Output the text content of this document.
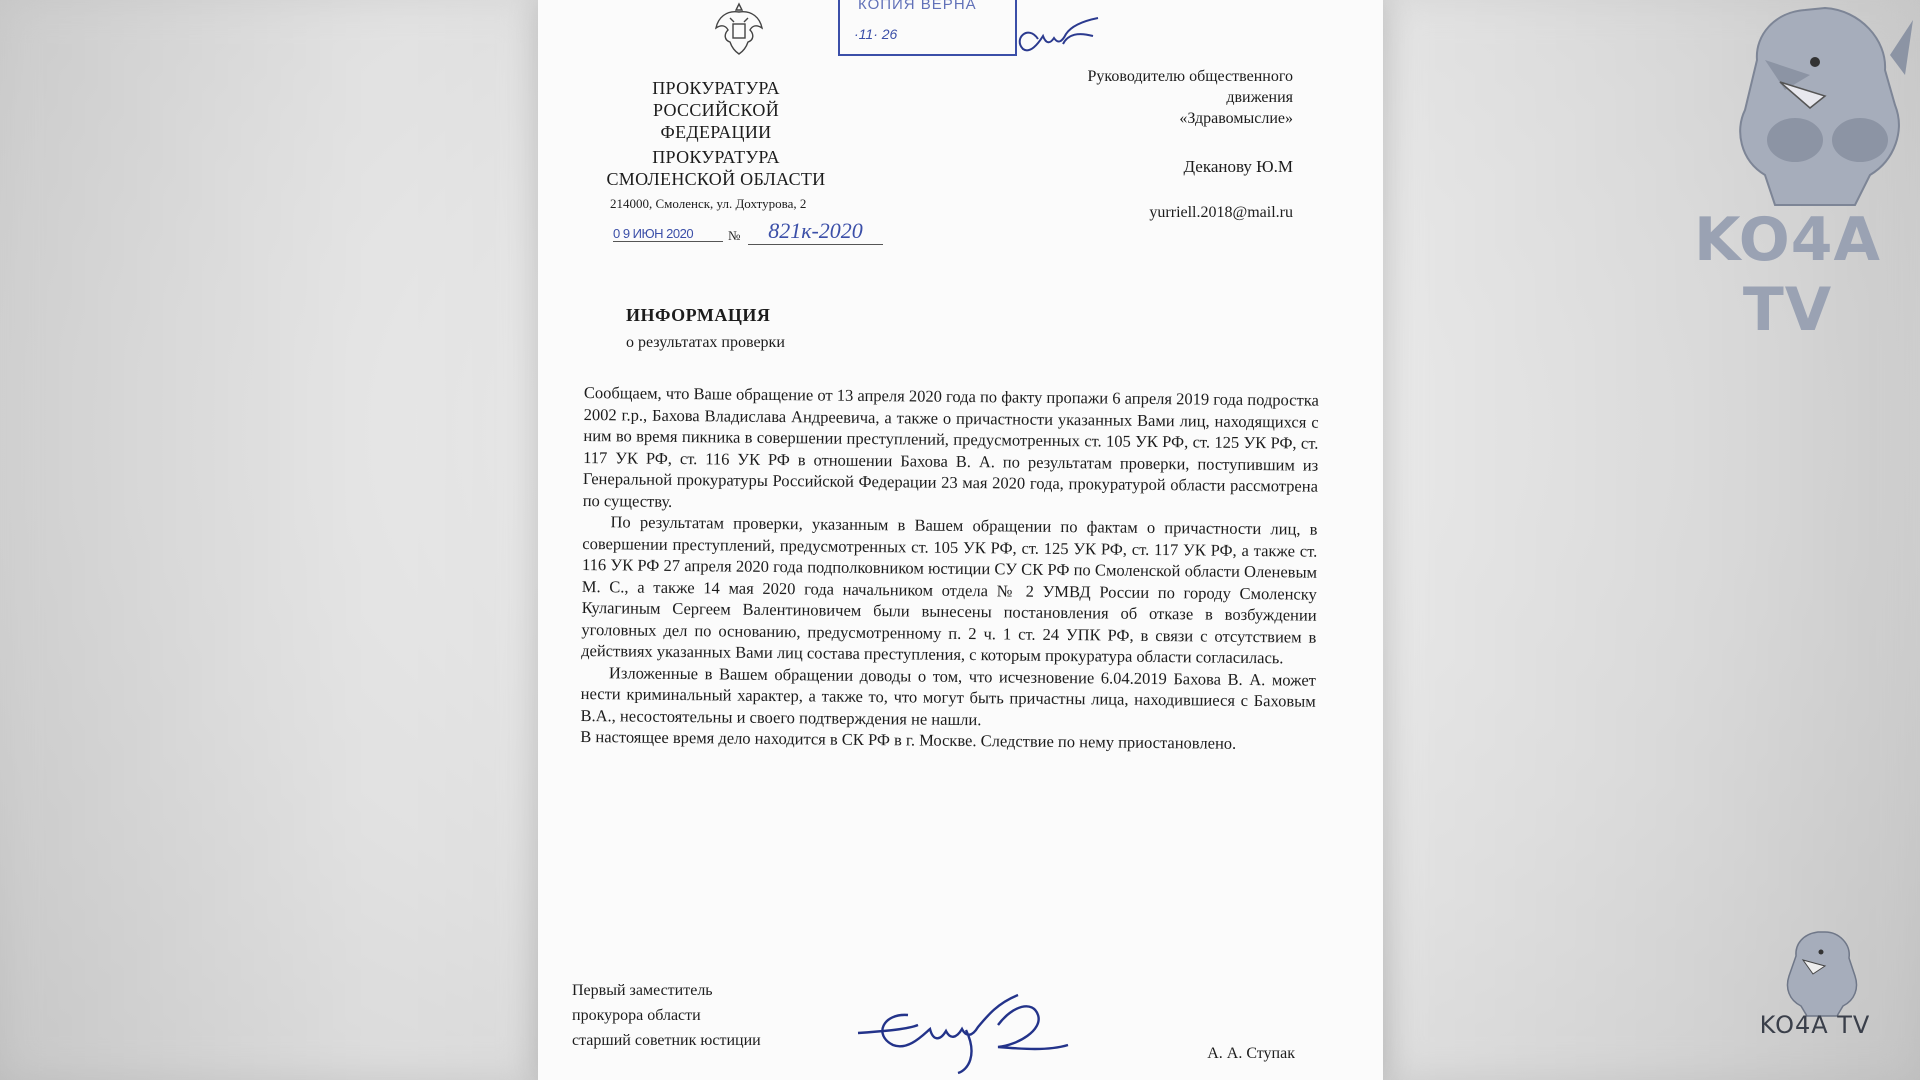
КОПИЯ ВЕРНА
·11· 26
ПРОКУРАТУРА
РОССИЙСКОЙ ФЕДЕРАЦИИ
ПРОКУРАТУРА
СМОЛЕНСКОЙ ОБЛАСТИ
214000, Смоленск, ул. Дохтурова, 2
0 9 ИЮН 2020	№	821к-2020
Руководителю общественного
движения
«Здравомыслие»
Деканову Ю.М
yurriell.2018@mail.ru
ИНФОРМАЦИЯ
о результатах проверки

Сообщаем, что Ваше обращение от 13 апреля 2020 года по факту пропажи 6 апреля 2019 года подростка 2002 г.р., Бахова Владислава Андреевича, а также о причастности указанных Вами лиц, находящихся с ним во время пикника в совершении преступлений, предусмотренных ст. 105 УК РФ, ст. 125 УК РФ, ст. 117 УК РФ, ст. 116 УК РФ в отношении Бахова В. А. по результатам проверки, поступившим из Генеральной прокуратуры Российской Федерации 23 мая 2020 года, прокуратурой области рассмотрена по существу.

По результатам проверки, указанным в Вашем обращении по фактам о причастности лиц, в совершении преступлений, предусмотренных ст. 105 УК РФ, ст. 125 УК РФ, ст. 117 УК РФ, а также ст. 116 УК РФ 27 апреля 2020 года подполковником юстиции СУ СК РФ по Смоленской области Оленевым М. С., а также 14 мая 2020 года начальником отдела № 2 УМВД России по городу Смоленску Кулагиным Сергеем Валентиновичем были вынесены постановления об отказе в возбуждении уголовных дел по основанию, предусмотренному п. 2 ч. 1 ст. 24 УПК РФ, в связи с отсутствием в действиях указанных Вами лиц состава преступления, с которым прокуратура области согласилась.

Изложенные в Вашем обращении доводы о том, что исчезновение 6.04.2019 Бахова В. А. может нести криминальный характер, а также то, что могут быть причастны лица, находившиеся с Баховым В.А., несостоятельны и своего подтверждения не нашли.

В настоящее время дело находится в СК РФ в г. Москве. Следствие по нему приостановлено.

Первый заместитель
прокурора области
старший советник юстиции
А. А. Ступак
KO4A TV
KO4A TV
